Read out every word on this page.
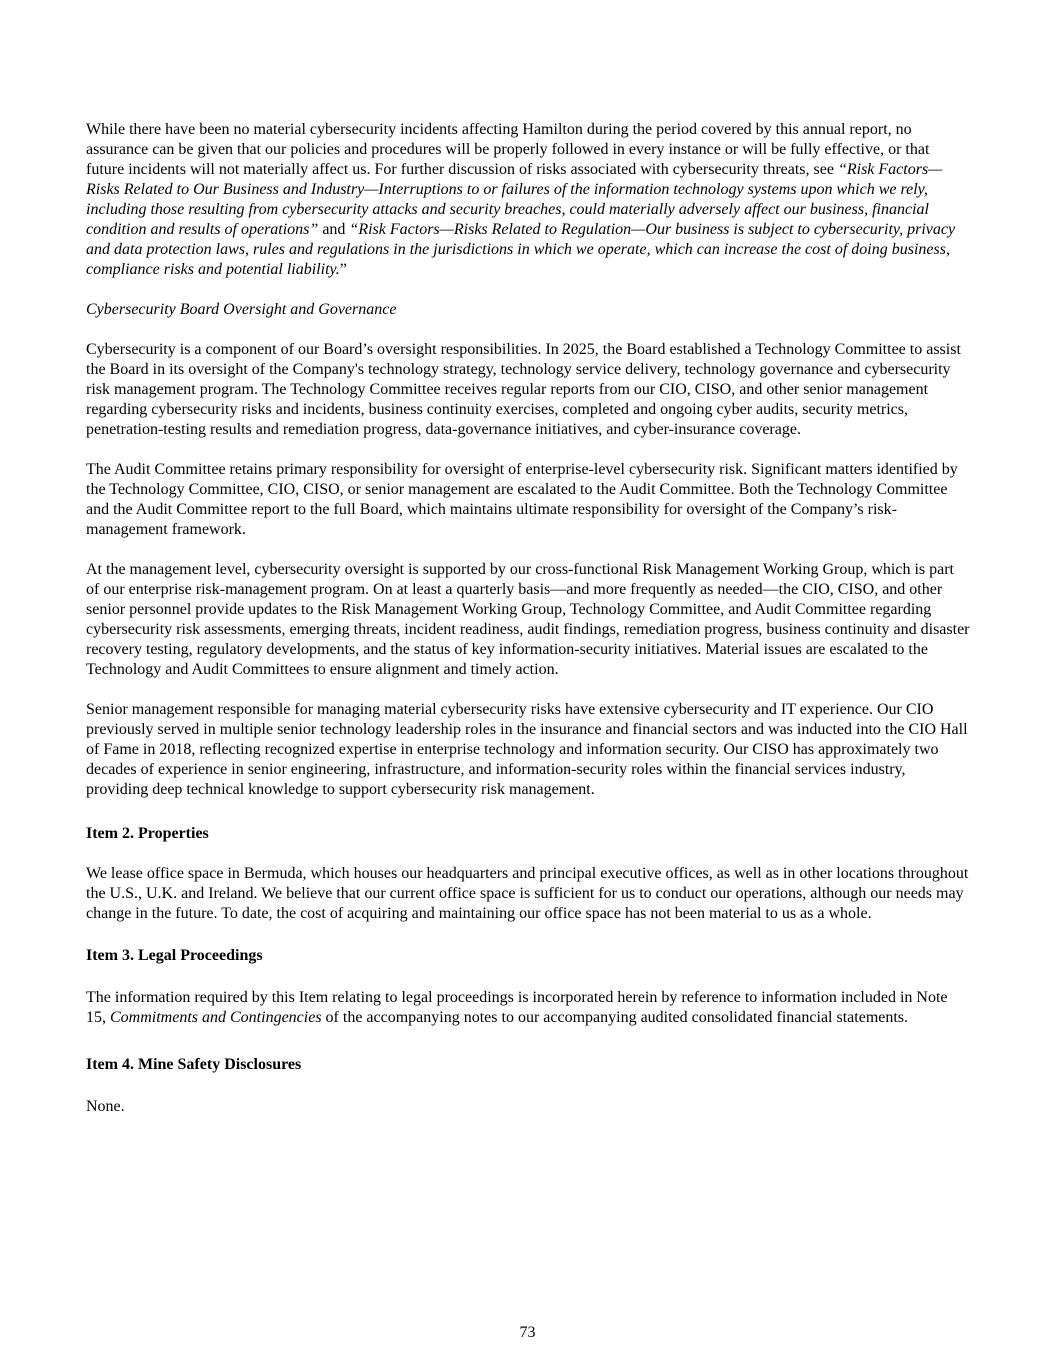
While there have been no material cybersecurity incidents affecting Hamilton during the period covered by this annual report, no assurance can be given that our policies and procedures will be properly followed in every instance or will be fully effective, or that future incidents will not materially affect us. For further discussion of risks associated with cybersecurity threats, see “Risk Factors—Risks Related to Our Business and Industry—Interruptions to or failures of the information technology systems upon which we rely, including those resulting from cybersecurity attacks and security breaches, could materially adversely affect our business, financial condition and results of operations” and “Risk Factors—Risks Related to Regulation—Our business is subject to cybersecurity, privacy and data protection laws, rules and regulations in the jurisdictions in which we operate, which can increase the cost of doing business, compliance risks and potential liability.”

Cybersecurity Board Oversight and Governance

Cybersecurity is a component of our Board’s oversight responsibilities. In 2025, the Board established a Technology Committee to assist the Board in its oversight of the Company's technology strategy, technology service delivery, technology governance and cybersecurity risk management program. The Technology Committee receives regular reports from our CIO, CISO, and other senior management regarding cybersecurity risks and incidents, business continuity exercises, completed and ongoing cyber audits, security metrics, penetration-testing results and remediation progress, data-governance initiatives, and cyber-insurance coverage.

The Audit Committee retains primary responsibility for oversight of enterprise-level cybersecurity risk. Significant matters identified by the Technology Committee, CIO, CISO, or senior management are escalated to the Audit Committee. Both the Technology Committee and the Audit Committee report to the full Board, which maintains ultimate responsibility for oversight of the Company’s risk-management framework.

At the management level, cybersecurity oversight is supported by our cross-functional Risk Management Working Group, which is part of our enterprise risk-management program. On at least a quarterly basis—and more frequently as needed—the CIO, CISO, and other senior personnel provide updates to the Risk Management Working Group, Technology Committee, and Audit Committee regarding cybersecurity risk assessments, emerging threats, incident readiness, audit findings, remediation progress, business continuity and disaster recovery testing, regulatory developments, and the status of key information-security initiatives. Material issues are escalated to the Technology and Audit Committees to ensure alignment and timely action.

Senior management responsible for managing material cybersecurity risks have extensive cybersecurity and IT experience. Our CIO previously served in multiple senior technology leadership roles in the insurance and financial sectors and was inducted into the CIO Hall of Fame in 2018, reflecting recognized expertise in enterprise technology and information security. Our CISO has approximately two decades of experience in senior engineering, infrastructure, and information-security roles within the financial services industry, providing deep technical knowledge to support cybersecurity risk management.

Item 2. Properties

We lease office space in Bermuda, which houses our headquarters and principal executive offices, as well as in other locations throughout the U.S., U.K. and Ireland. We believe that our current office space is sufficient for us to conduct our operations, although our needs may change in the future. To date, the cost of acquiring and maintaining our office space has not been material to us as a whole.

Item 3. Legal Proceedings

The information required by this Item relating to legal proceedings is incorporated herein by reference to information included in Note 15, Commitments and Contingencies of the accompanying notes to our accompanying audited consolidated financial statements.

Item 4. Mine Safety Disclosures

None.

73
